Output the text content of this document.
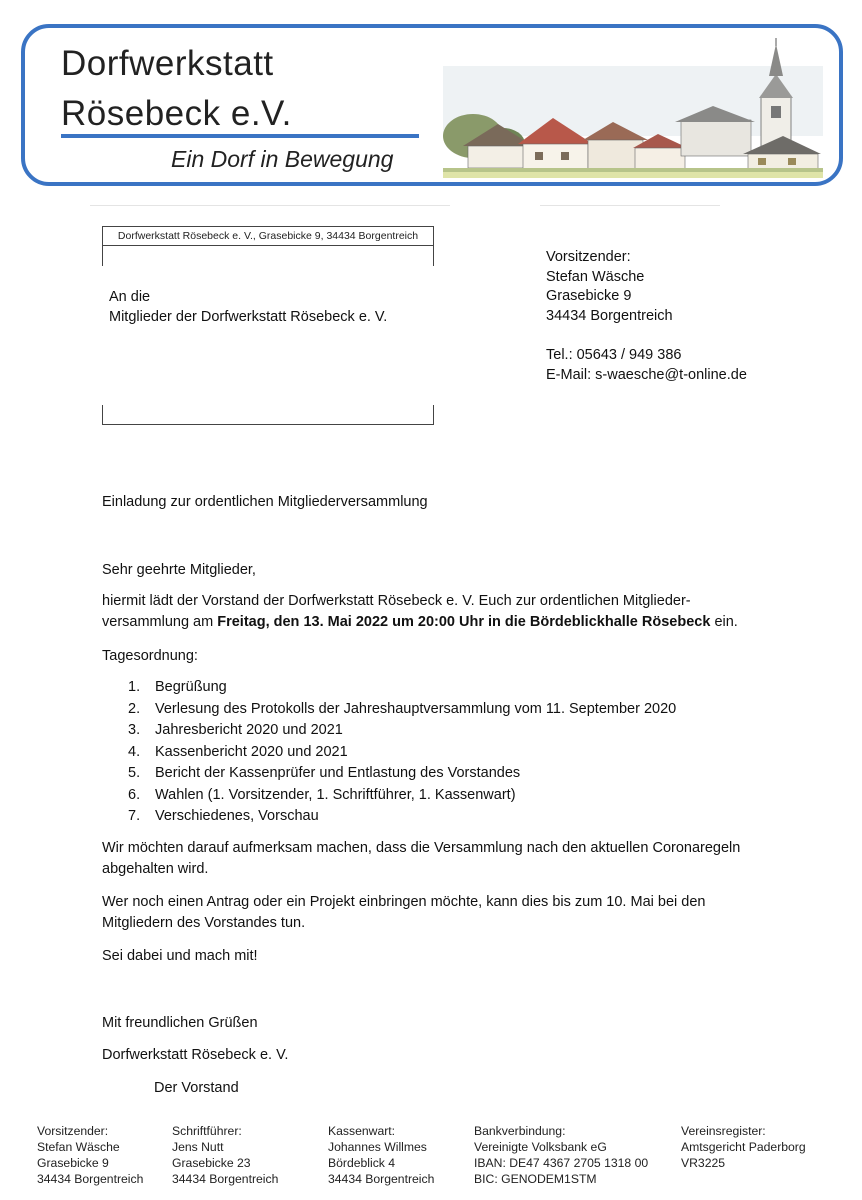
Dorfwerkstatt
Rösebeck e.V.
Ein Dorf in Bewegung
Dorfwerkstatt Rösebeck e. V., Grasebicke 9, 34434 Borgentreich
An die
Mitglieder der Dorfwerkstatt Rösebeck e. V.
Vorsitzender:
Stefan Wäsche
Grasebicke 9
34434 Borgentreich
Tel.: 05643 / 949 386
E-Mail: s-waesche@t-online.de
Einladung zur ordentlichen Mitgliederversammlung
Sehr geehrte Mitglieder,
hiermit lädt der Vorstand der Dorfwerkstatt Rösebeck e. V. Euch zur ordentlichen Mitglieder-
versammlung am Freitag, den 13. Mai 2022 um 20:00 Uhr in die Bördeblickhalle Rösebeck ein.
Tagesordnung:
1. Begrüßung
2. Verlesung des Protokolls der Jahreshauptversammlung vom 11. September 2020
3. Jahresbericht 2020 und 2021
4. Kassenbericht 2020 und 2021
5. Bericht der Kassenprüfer und Entlastung des Vorstandes
6. Wahlen (1. Vorsitzender, 1. Schriftführer, 1. Kassenwart)
7. Verschiedenes, Vorschau
Wir möchten darauf aufmerksam machen, dass die Versammlung nach den aktuellen Coronaregeln
abgehalten wird.
Wer noch einen Antrag oder ein Projekt einbringen möchte, kann dies bis zum 10. Mai bei den
Mitgliedern des Vorstandes tun.
Sei dabei und mach mit!
Mit freundlichen Grüßen
Dorfwerkstatt Rösebeck e. V.
Der Vorstand
Vorsitzender:
Stefan Wäsche
Grasebicke 9
34434 Borgentreich
Schriftführer:
Jens Nutt
Grasebicke 23
34434 Borgentreich
Kassenwart:
Johannes Willmes
Bördeblick 4
34434 Borgentreich
Bankverbindung:
Vereinigte Volksbank eG
IBAN: DE47 4367 2705 1318 00
BIC: GENODEM1STM
Vereinsregister:
Amtsgericht Paderborg
VR3225
